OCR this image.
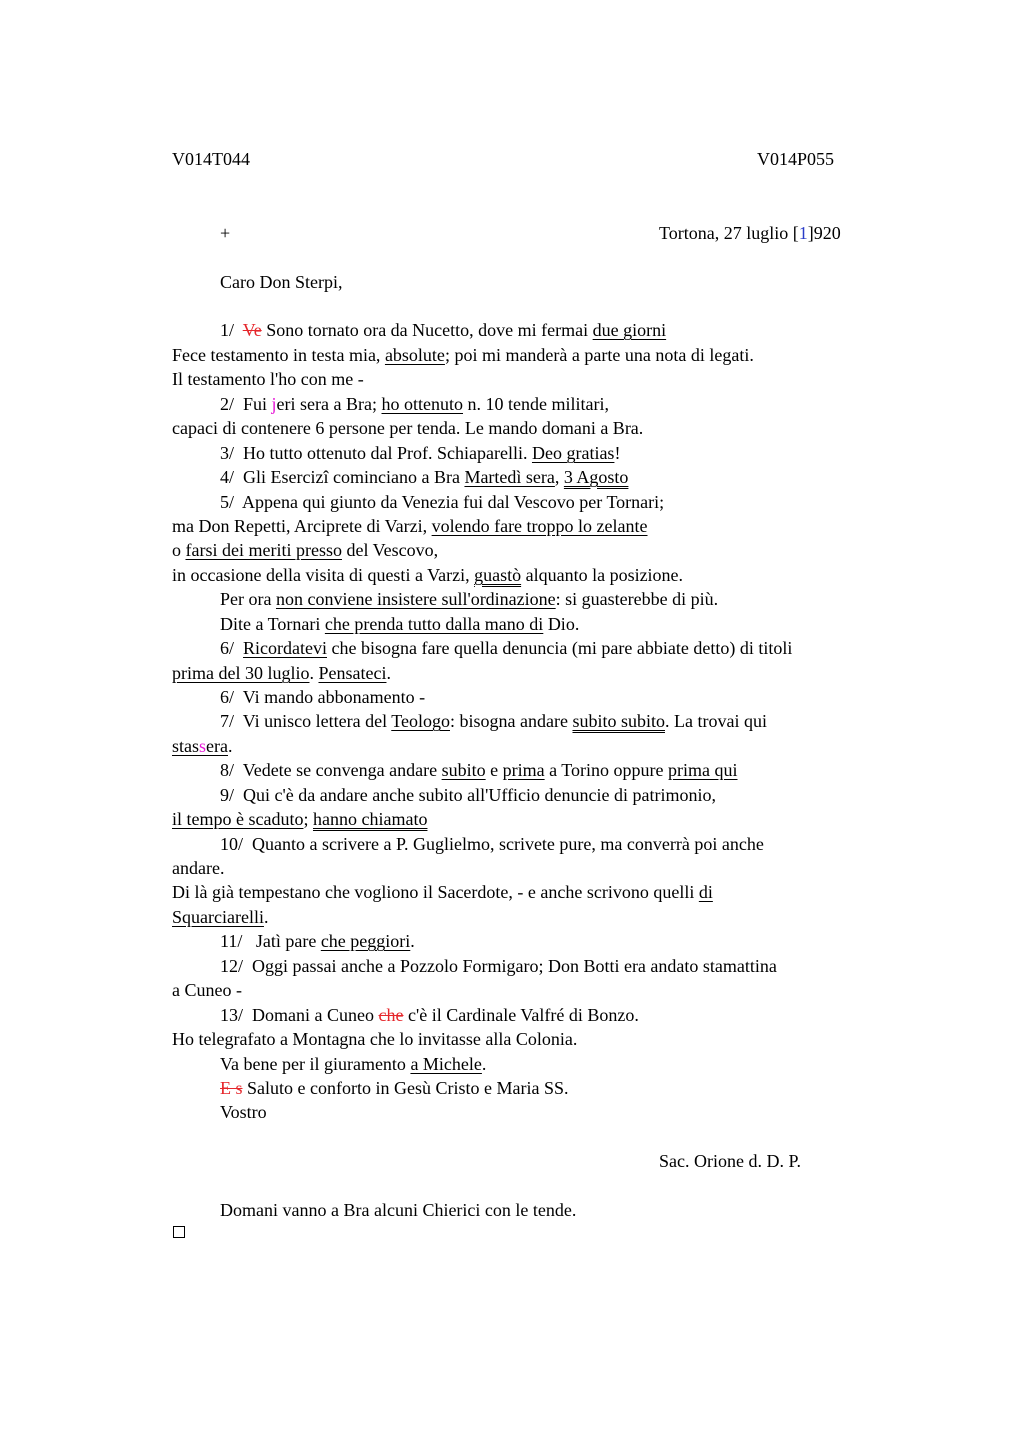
V014T044	V014P055
+	Tortona, 27 luglio [1]920
Caro Don Sterpi,
1/ Ve Sono tornato ora da Nucetto, dove mi fermai due giorni
Fece testamento in testa mia, absolute; poi mi manderà a parte una nota di legati.
Il testamento l'ho con me -
2/ Fui jeri sera a Bra; ho ottenuto n. 10 tende militari,
capaci di contenere 6 persone per tenda. Le mando domani a Bra.
3/ Ho tutto ottenuto dal Prof. Schiaparelli. Deo gratias!
4/ Gli Esercizi cominciano a Bra Martedì sera, 3 Agosto
5/ Appena qui giunto da Venezia fui dal Vescovo per Tornari;
ma Don Repetti, Arciprete di Varzi, volendo fare troppo lo zelante
o farsi dei meriti presso del Vescovo,
in occasione della visita di questi a Varzi, guastò alquanto la posizione.
Per ora non conviene insistere sull'ordinazione: si guasterebbe di più.
Dite a Tornari che prenda tutto dalla mano di Dio.
6/ Ricordatevi che bisogna fare quella denuncia (mi pare abbiate detto) di titoli
prima del 30 luglio. Pensateci.
6/ Vi mando abbonamento -
7/ Vi unisco lettera del Teologo: bisogna andare subito subito. La trovai qui
stassera.
8/ Vedete se convenga andare subito e prima a Torino oppure prima qui
9/ Qui c'è da andare anche subito all'Ufficio denuncie di patrimonio,
il tempo è scaduto; hanno chiamato
10/ Quanto a scrivere a P. Guglielmo, scrivete pure, ma converrà poi anche
andare.
Di là già tempestano che vogliono il Sacerdote, - e anche scrivono quelli di
Squarciarelli.
11/ Jatì pare che peggiori.
12/ Oggi passai anche a Pozzolo Formigaro; Don Botti era andato stamattina
a Cuneo -
13/ Domani a Cuneo che c'è il Cardinale Valfré di Bonzo.
Ho telegrafato a Montagna che lo invitasse alla Colonia.
Va bene per il giuramento a Michele.
E s Saluto e conforto in Gesù Cristo e Maria SS.
Vostro
Sac. Orione d. D. P.
Domani vanno a Bra alcuni Chierici con le tende.
